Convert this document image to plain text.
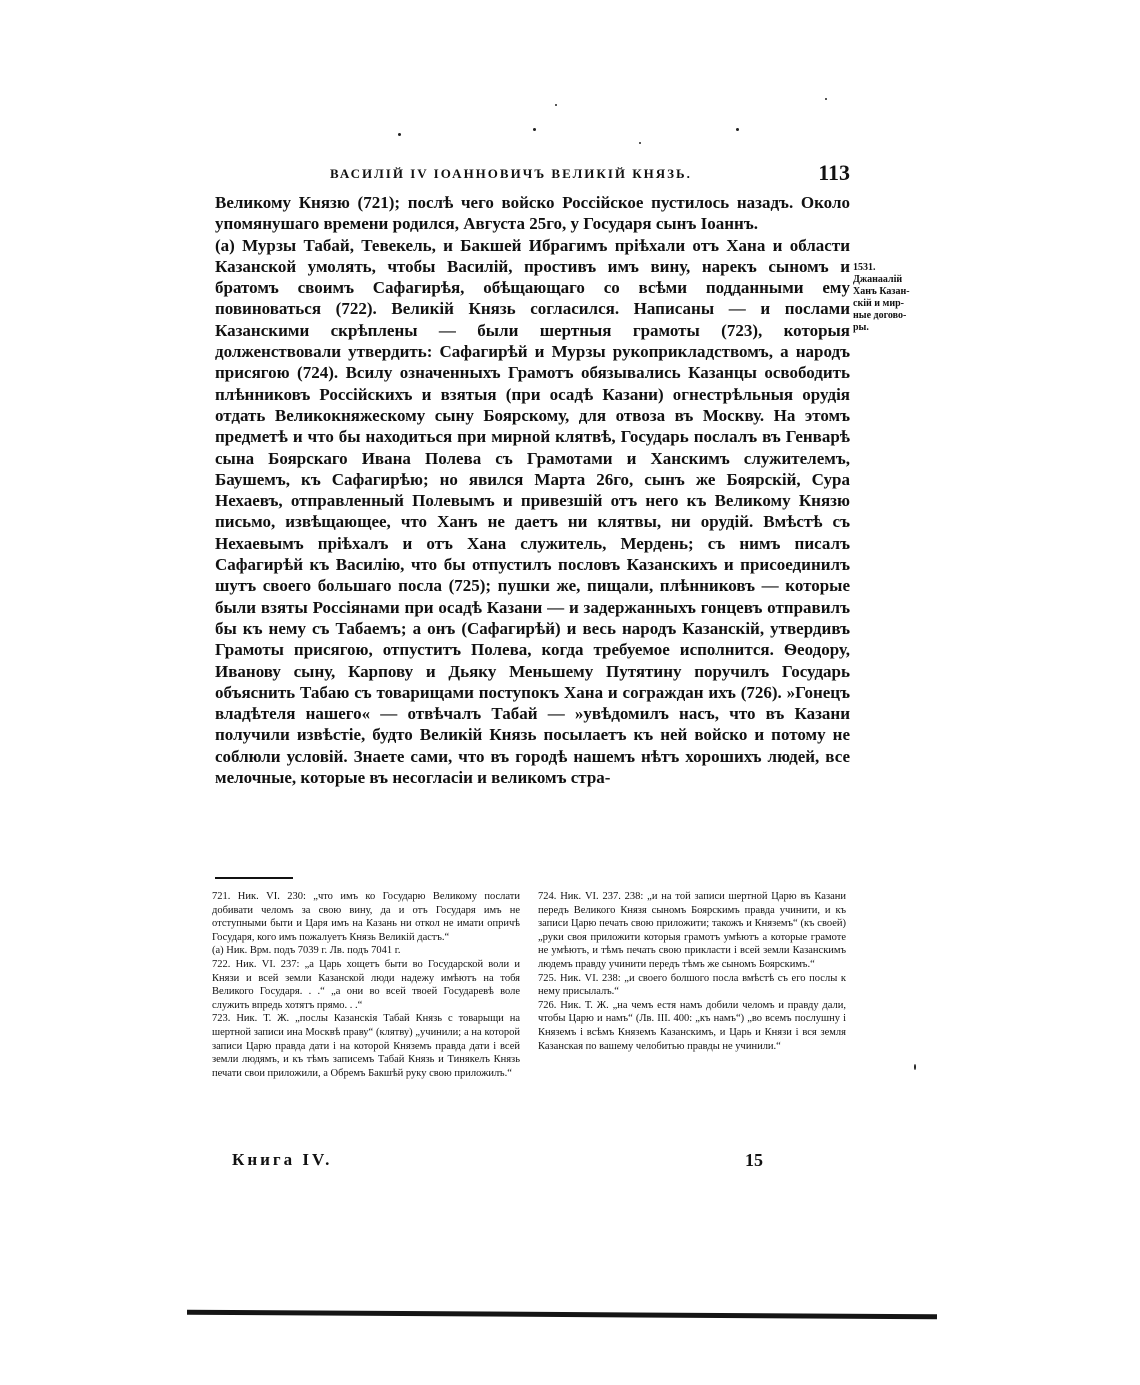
ВАСИЛІЙ IV ІОАННОВИЧЪ ВЕЛИКІЙ КНЯЗЬ.	113
Великому Князю (721); послѣ чего войско Россійское пустилось назадъ. Около упомянушаго времени родился, Августа 25го, у Государя сынъ Іоаннъ.
(а) Мурзы Табай, Тевекель, и Бакшей Ибрагимъ пріѣхали отъ Хана и области Казанской умолять, чтобы Василій, простивъ имъ вину, нарекъ сыномъ и братомъ своимъ Сафагирѣя, обѣщающаго со всѣми подданными ему повиноваться (722). Великій Князь согласился. Написаны — и послами Казанскими скрѣплены — были шертныя грамоты (723), которыя долженствовали утвердить: Сафагирѣй и Мурзы рукоприкладствомъ, а народъ присягою (724). Всилу означенныхъ Грамотъ обязывались Казанцы освободить плѣнниковъ Россійскихъ и взятыя (при осадѣ Казани) огнестрѣльныя орудія отдать Великокняжескому сыну Боярскому, для отвоза въ Москву. На этомъ предметѣ и что бы находиться при мирной клятвѣ, Государь послалъ въ Генварѣ сына Боярскаго Ивана Полева съ Грамотами и Ханскимъ служителемъ, Баушемъ, къ Сафагирѣю; но явился Марта 26го, сынъ же Боярскій, Сура Нехаевъ, отправленный Полевымъ и привезшій отъ него къ Великому Князю письмо, извѣщающее, что Ханъ не даетъ ни клятвы, ни орудій. Вмѣстѣ съ Нехаевымъ пріѣхалъ и отъ Хана служитель, Мердень; съ нимъ писалъ Сафагирѣй къ Василію, что бы отпустилъ пословъ Казанскихъ и присоединилъ шутъ своего большаго посла (725); пушки же, пищали, плѣнниковъ — которые были взяты Россіянами при осадѣ Казани — и задержанныхъ гонцевъ отправилъ бы къ нему съ Табаемъ; а онъ (Сафагирѣй) и весь народъ Казанскій, утвердивъ Грамоты присягою, отпуститъ Полева, когда требуемое исполнится. Ѳеодору, Иванову сыну, Карпову и Дьяку Меньшему Путятину поручилъ Государь объяснить Табаю съ товарищами поступокъ Хана и сограждан ихъ (726). »Гонецъ владѣтеля нашего« — отвѣчалъ Табай — »увѣдомилъ насъ, что въ Казани получили извѣстіе, будто Великій Князь посылаетъ къ ней войско и потому не соблюли условій. Знаете сами, что въ городѣ нашемъ нѣтъ хорошихъ людей, все мелочные, которые въ несогласіи и великомъ стра-
1531.
Джанаалій
Ханъ Казан-
скій и мир-
ные догово-
ры.
721. Ник. VI. 230: „что имъ ко Государю Великому послати добивати челомъ за свою вину, да и отъ Государя имъ не отступными быти и Царя имъ на Казань ни откол не имати опричѣ Государя, кого имъ пожалуетъ Князь Великій дастъ.“
(а) Ник. Врм. подъ 7039 г. Лв. подъ 7041 г.
722. Ник. VI. 237: „а Царь хощетъ быти во Государской воли и Князи и всей земли Казанской люди надежу имѣютъ на тобя Великого Государя. . .“ „а они во всей твоей Государевѣ воле служить впредь хотятъ прямо. . .“
723. Ник. Т. Ж. „послы Казанскія Табай Князь с товарыщи на шертной записи ина Москвѣ праву“ (клятву) „учинили; а на которой записи Царю правда дати і на которой Княземъ правда дати і всей земли людямъ, и къ тѣмъ записемъ Табай Князь и Тинякелъ Князь печати свои приложили, а Обремъ Бакшѣй руку свою приложилъ.“
724. Ник. VI. 237. 238: „и на той записи шертной Царю въ Казани передъ Великого Князя сыномъ Боярскимъ правда учинити, и къ записи Царю печать свою приложити; такожъ и Княземъ“ (къ своей) „руки своя приложити которыя грамотъ умѣютъ а которые грамоте не умѣютъ, и тѣмъ печать свою прикласти і всей земли Казанскимъ людемъ правду учинити передъ тѣмъ же сыномъ Боярскимъ.“
725. Ник. VI. 238: „и своего болшого посла вмѣстѣ съ его послы к нему присылалъ.“
726. Ник. Т. Ж. „на чемъ естя намъ добили челомъ и правду дали, чтобы Царю и намъ“ (Лв. III. 400: „къ намъ“) „во всемъ послушну і Княземъ і всѣмъ Княземъ Казанскимъ, и Царь и Князи і вся земля Казанская по вашему челобитью правды не учинили.“
Книга IV.	15
